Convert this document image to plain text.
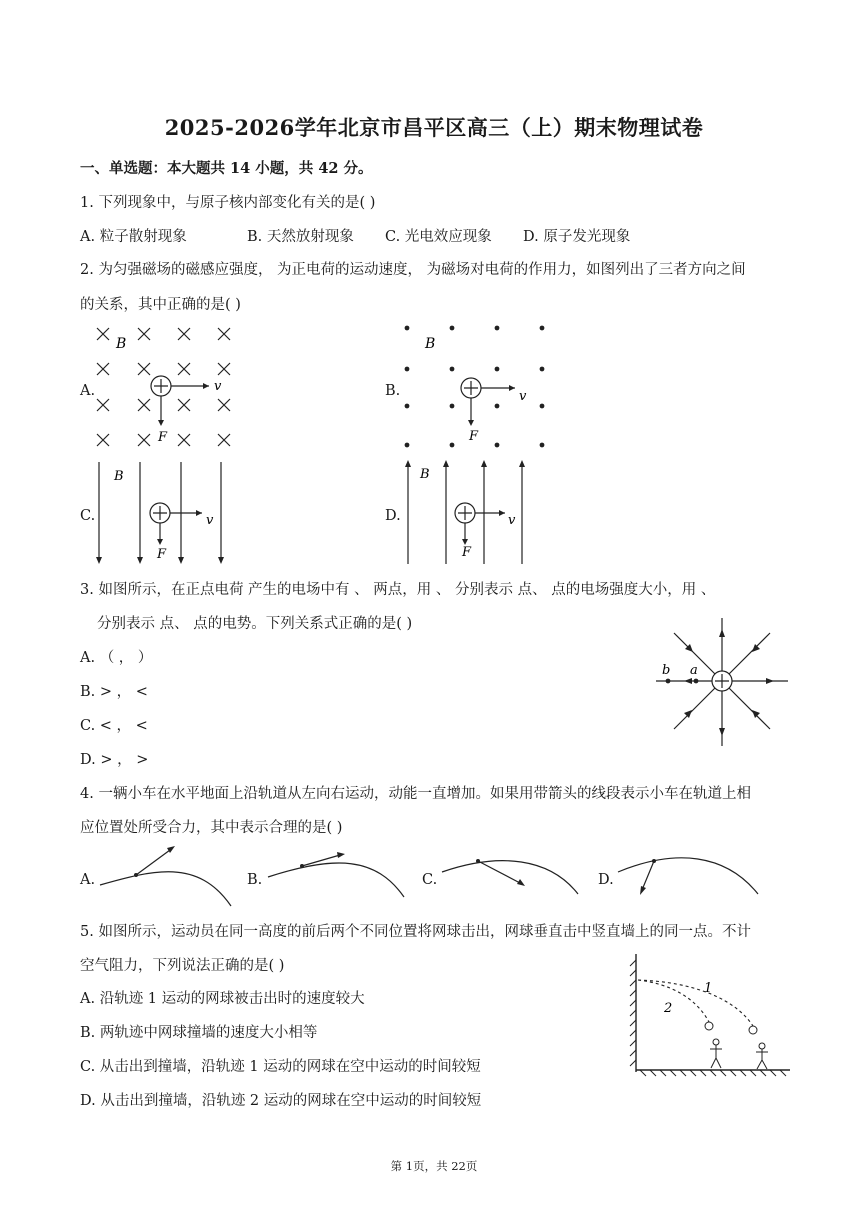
2025-2026学年北京市昌平区高三（上）期末物理试卷
一、单选题：本大题共 14 小题，共 42 分。
1. 下列现象中，与原子核内部变化有关的是( )
A. 粒子散射现象	B. 天然放射现象 C. 光电效应现象 D. 原子发光现象
2. 为匀强磁场的磁感应强度， 为正电荷的运动速度， 为磁场对电荷的作用力，如图列出了三者方向之间
的关系，其中正确的是( )
A.	B.
C.	D.
B
v
F
B
v
F
B
v
F
B
v
F
3. 如图所示，在正点电荷 产生的电场中有 、 两点，用 、 分别表示 点、 点的电场强度大小，用 、
分别表示 点、 点的电势。下列关系式正确的是( )
A. （ ， ）
B. > ， <
C. < ， <
D. > ， >
b a
4. 一辆小车在水平地面上沿轨道从左向右运动，动能一直增加。如果用带箭头的线段表示小车在轨道上相
应位置处所受合力，其中表示合理的是( )
A.	B.	C.	D.
5. 如图所示，运动员在同一高度的前后两个不同位置将网球击出，网球垂直击中竖直墙上的同一点。不计
空气阻力，下列说法正确的是( )
A. 沿轨迹 1 运动的网球被击出时的速度较大
B. 两轨迹中网球撞墙的速度大小相等
C. 从击出到撞墙，沿轨迹 1 运动的网球在空中运动的时间较短
D. 从击出到撞墙，沿轨迹 2 运动的网球在空中运动的时间较短
1
2
第 1页，共 22页
